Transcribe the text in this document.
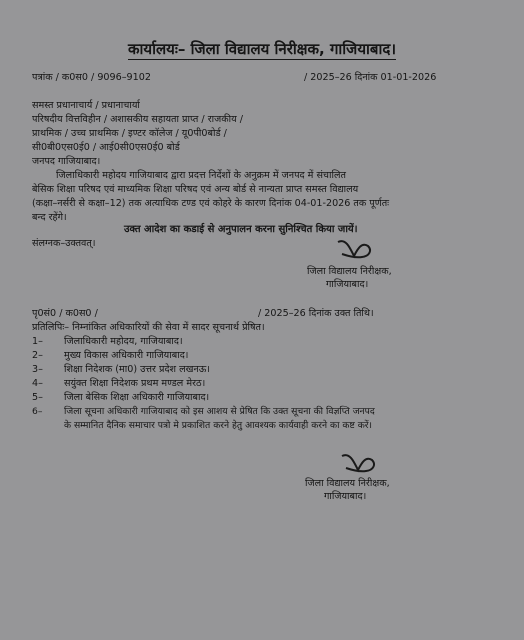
कार्यालयः– जिला विद्यालय निरीक्षक, गाजियाबाद।
पत्रांक / क0स0 / 9096–9102	/ 2025–26 दिनांक 01-01-2026
समस्त प्रधानाचार्य / प्रधानाचार्या
परिषदीय वित्तविहीन / अशासकीय सहायता प्राप्त / राजकीय /
प्राथमिक / उच्च प्राथमिक / इण्टर कॉलेज / यू0पी0बोर्ड /
सी0बी0एस0ई0 / आई0सी0एस0ई0 बोर्ड
जनपद गाजियाबाद।
जिलाधिकारी महोदय गाजियाबाद द्वारा प्रदत्त निर्देशों के अनुक्रम में जनपद में संचालित
बेसिक शिक्षा परिषद एवं माध्यमिक शिक्षा परिषद एवं अन्य बोर्ड से नान्यता प्राप्त समस्त विद्यालय
(कक्षा–नर्सरी से कक्षा–12) तक अत्याधिक टण्ड एवं कोहरे के कारण दिनांक 04-01-2026 तक पूर्णतः
बन्द रहेंगे।
उक्त आदेश का कडाई से अनुपालन करना सुनिश्चित किया जायें।
संलग्नक–उक्तवत्।
जिला विद्यालय निरीक्षक,
गाजियाबाद।
पृ0सं0 / क0स0 /	/ 2025–26 दिनांक उक्त तिथि।
प्रतिलिपिः– निम्नांकित अधिकारियों की सेवा में सादर सूचनार्थ प्रेषित।
1– जिलाधिकारी महोदय, गाजियाबाद।
2– मुख्य विकास अधिकारी गाजियाबाद।
3– शिक्षा निदेशक (मा0) उत्तर प्रदेश लखनऊ।
4– सयुंक्त शिक्षा निदेशक प्रथम मण्डल मेरठ।
5– जिला बेसिक शिक्षा अधिकारी गाजियाबाद।
6– जिला सूचना अधिकारी गाजियाबाद को इस आशय से प्रेषित कि उक्त सूचना की विज्ञप्ति जनपद
के सम्मानित दैनिक समाचार पत्रो मे प्रकाशित करने हेतु आवश्यक कार्यवाही करने का कष्ट करें।
जिला विद्यालय निरीक्षक,
गाजियाबाद।
